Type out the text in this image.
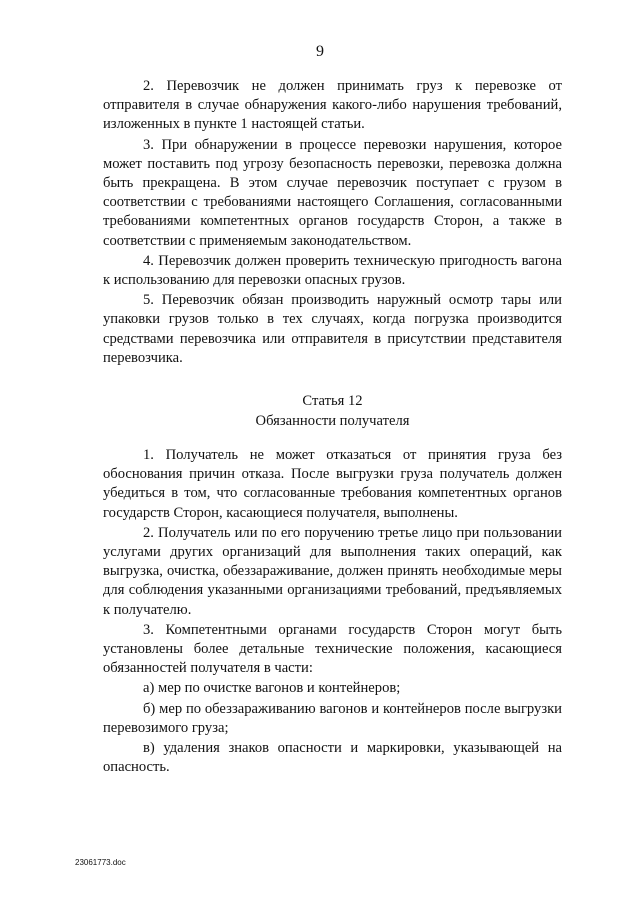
9

2. Перевозчик не должен принимать груз к перевозке от отправителя в случае обнаружения какого-либо нарушения требований, изложенных в пункте 1 настоящей статьи.

3. При обнаружении в процессе перевозки нарушения, которое может поставить под угрозу безопасность перевозки, перевозка должна быть прекращена. В этом случае перевозчик поступает с грузом в соответствии с требованиями настоящего Соглашения, согласованными требованиями компетентных органов государств Сторон, а также в соответствии с применяемым законодательством.

4. Перевозчик должен проверить техническую пригодность вагона к использованию для перевозки опасных грузов.

5. Перевозчик обязан производить наружный осмотр тары или упаковки грузов только в тех случаях, когда погрузка производится средствами перевозчика или отправителя в присутствии представителя перевозчика.

Статья 12
Обязанности получателя

1. Получатель не может отказаться от принятия груза без обоснования причин отказа. После выгрузки груза получатель должен убедиться в том, что согласованные требования компетентных органов государств Сторон, касающиеся получателя, выполнены.

2. Получатель или по его поручению третье лицо при пользовании услугами других организаций для выполнения таких операций, как выгрузка, очистка, обеззараживание, должен принять необходимые меры для соблюдения указанными организациями требований, предъявляемых к получателю.

3. Компетентными органами государств Сторон могут быть установлены более детальные технические положения, касающиеся обязанностей получателя в части:

а) мер по очистке вагонов и контейнеров;

б) мер по обеззараживанию вагонов и контейнеров после выгрузки перевозимого груза;

в) удаления знаков опасности и маркировки, указывающей на опасность.

23061773.doc
